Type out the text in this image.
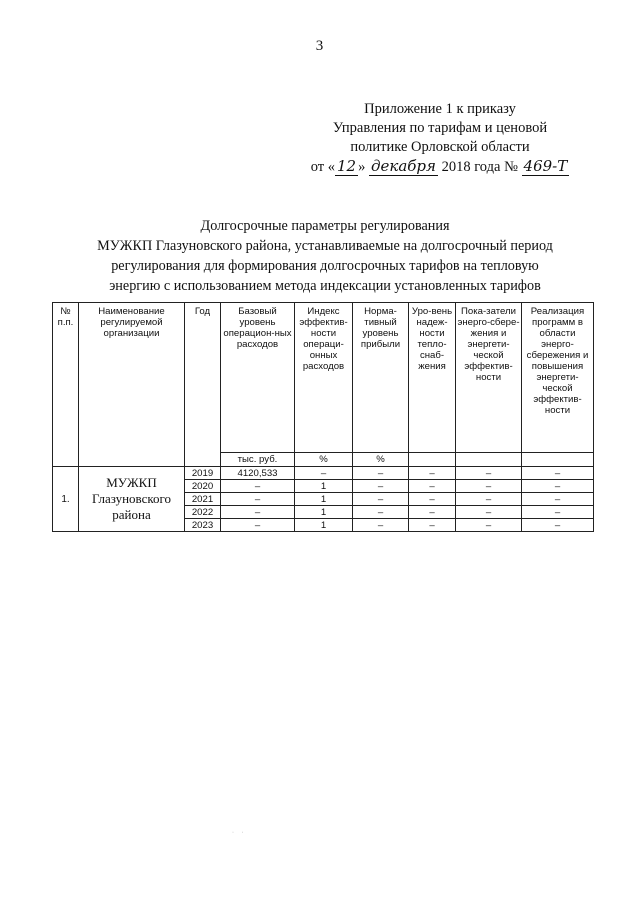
3
Приложение 1 к приказу
Управления по тарифам и ценовой
политике Орловской области
от « 12 » декабря 2018 года № 469-Т
Долгосрочные параметры регулирования
МУЖКП Глазуновского района, устанавливаемые на долгосрочный период
регулирования для формирования долгосрочных тарифов на тепловую
энергию с использованием метода индексации установленных тарифов
№ п.п.	Наименование регулируемой организации	Год	Базовый уровень операцион-ных расходов	Индекс эффектив-ности операци-онных расходов	Норма-тивный уровень прибыли	Уро-вень надеж-ности тепло-снаб-жения	Пока-затели энерго-сбере-жения и энергети-ческой эффектив-ности	Реализация программ в области энерго-сбережения и повышения энергети-ческой эффектив-ности
			тыс. руб.	%	%			
1.	МУЖКП Глазуновского района	2019	4120,533	–	–	–	–	–
		2020	–	1	–	–	–	–
		2021	–	1	–	–	–	–
		2022	–	1	–	–	–	–
		2023	–	1	–	–	–	–
· ·
